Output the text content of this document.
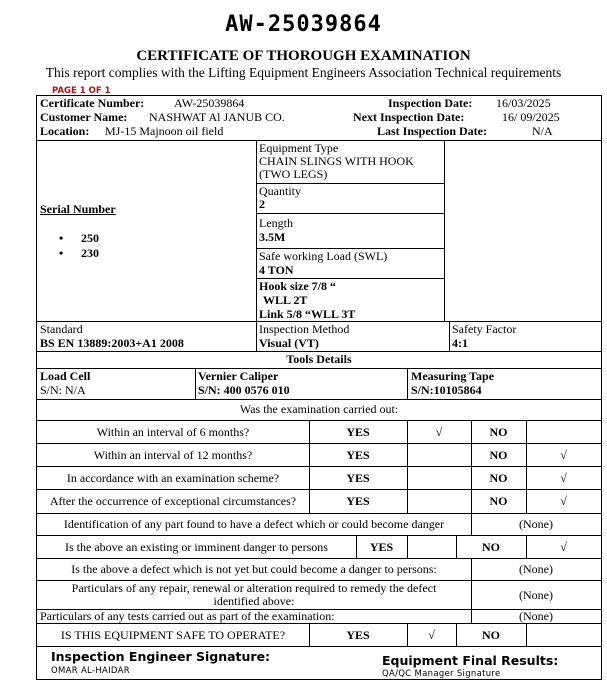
AW-25039864
CERTIFICATE OF THOROUGH EXAMINATION
This report complies with the Lifting Equipment Engineers Association Technical requirements
PAGE 1 OF 1
Certificate Number: AW-25039864
Customer Name: NASHWAT Al JANUB CO.
Location: MJ-15 Majnoon oil field
Inspection Date: 16/03/2025
Next Inspection Date:	16/ 09/2025
Last Inspection Date:	N/A
Serial Number
• 250
• 230
Equipment Type
CHAIN SLINGS WITH HOOK
(TWO LEGS)
Quantity
2
Length
3.5M
Safe working Load (SWL)
4 TON
Hook size 7/8 “
WLL 2T
Link 5/8 “WLL 3T
Standard
BS EN 13889:2003+A1 2008
Inspection Method
Visual (VT)
Safety Factor
4:1
Tools Details
Load Cell
S/N: N/A
Vernier Caliper
S/N: 400 0576 010
Measuring Tape
S/N:10105864
Was the examination carried out:
Within an interval of 6 months?	YES	√	NO
Within an interval of 12 months?	YES	NO	√
In accordance with an examination scheme?	YES	NO	√
After the occurrence of exceptional circumstances?	YES	NO	√
Identification of any part found to have a defect which or could become danger	(None)
Is the above an existing or imminent danger to persons	YES	NO	√
Is the above a defect which is not yet but could become a danger to persons:	(None)
Particulars of any repair, renewal or alteration required to remedy the defect
identified above:	(None)
Particulars of any tests carried out as part of the examination:	(None)
IS THIS EQUIPMENT SAFE TO OPERATE?	YES	√	NO
Inspection Engineer Signature:
OMAR AL-HAIDAR
Equipment Final Results:
QA/QC Manager Signature
